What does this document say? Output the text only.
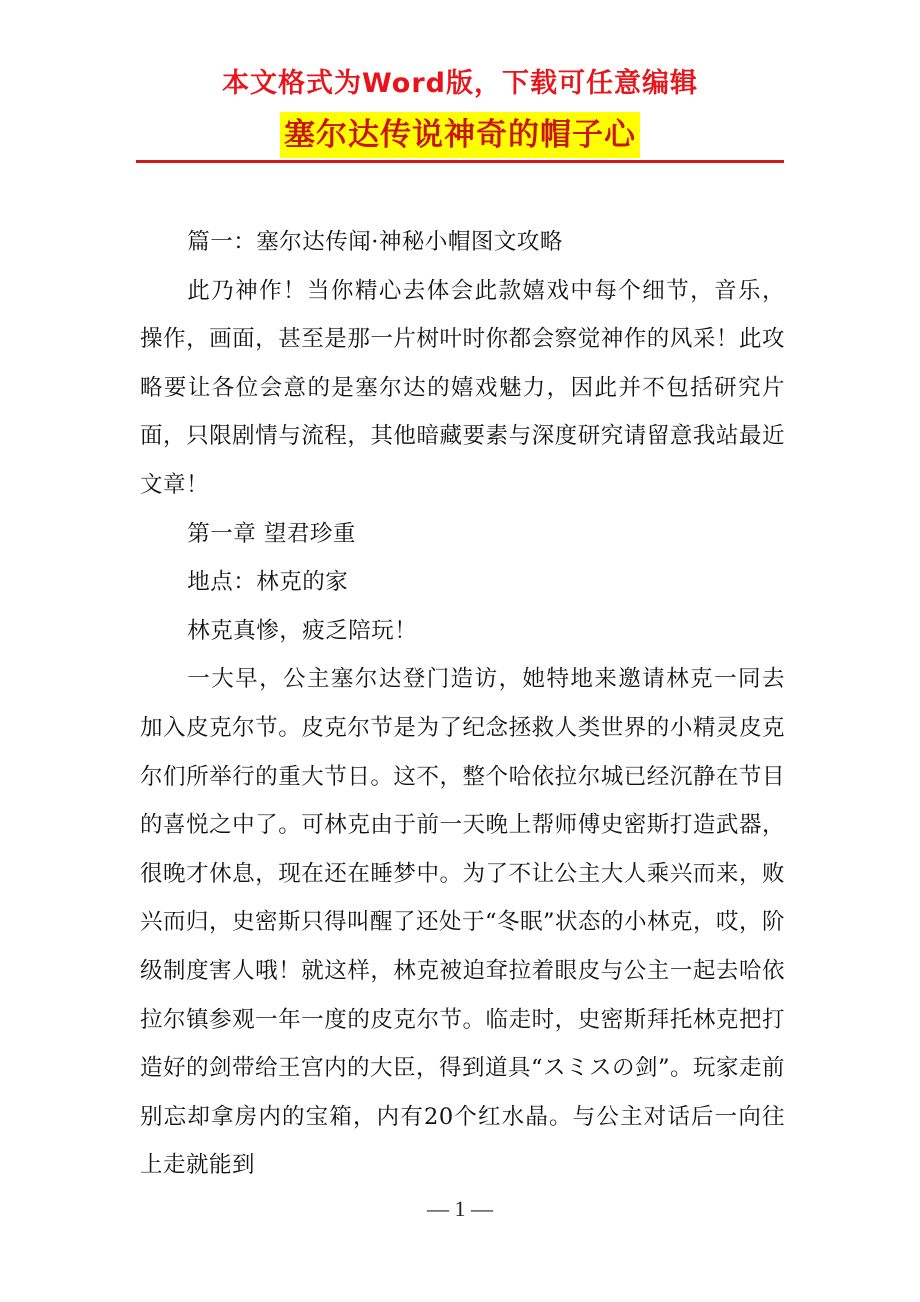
本文格式为Word版，下载可任意编辑
塞尔达传说神奇的帽子心

篇一：塞尔达传闻·神秘小帽图文攻略

此乃神作！当你精心去体会此款嬉戏中每个细节，音乐，操作，画面，甚至是那一片树叶时你都会察觉神作的风采！此攻略要让各位会意的是塞尔达的嬉戏魅力，因此并不包括研究片面，只限剧情与流程，其他暗藏要素与深度研究请留意我站最近文章！

第一章 望君珍重

地点：林克的家

林克真惨，疲乏陪玩！

一大早，公主塞尔达登门造访，她特地来邀请林克一同去加入皮克尔节。皮克尔节是为了纪念拯救人类世界的小精灵皮克尔们所举行的重大节日。这不，整个哈依拉尔城已经沉静在节目的喜悦之中了。可林克由于前一天晚上帮师傅史密斯打造武器，很晚才休息，现在还在睡梦中。为了不让公主大人乘兴而来，败兴而归，史密斯只得叫醒了还处于“冬眠”状态的小林克，哎，阶级制度害人哦！就这样，林克被迫耷拉着眼皮与公主一起去哈依拉尔镇参观一年一度的皮克尔节。临走时，史密斯拜托林克把打造好的剑带给王宫内的大臣，得到道具“スミスの剑”。玩家走前别忘却拿房内的宝箱，内有20个红水晶。与公主对话后一向往上走就能到

— 1 —
